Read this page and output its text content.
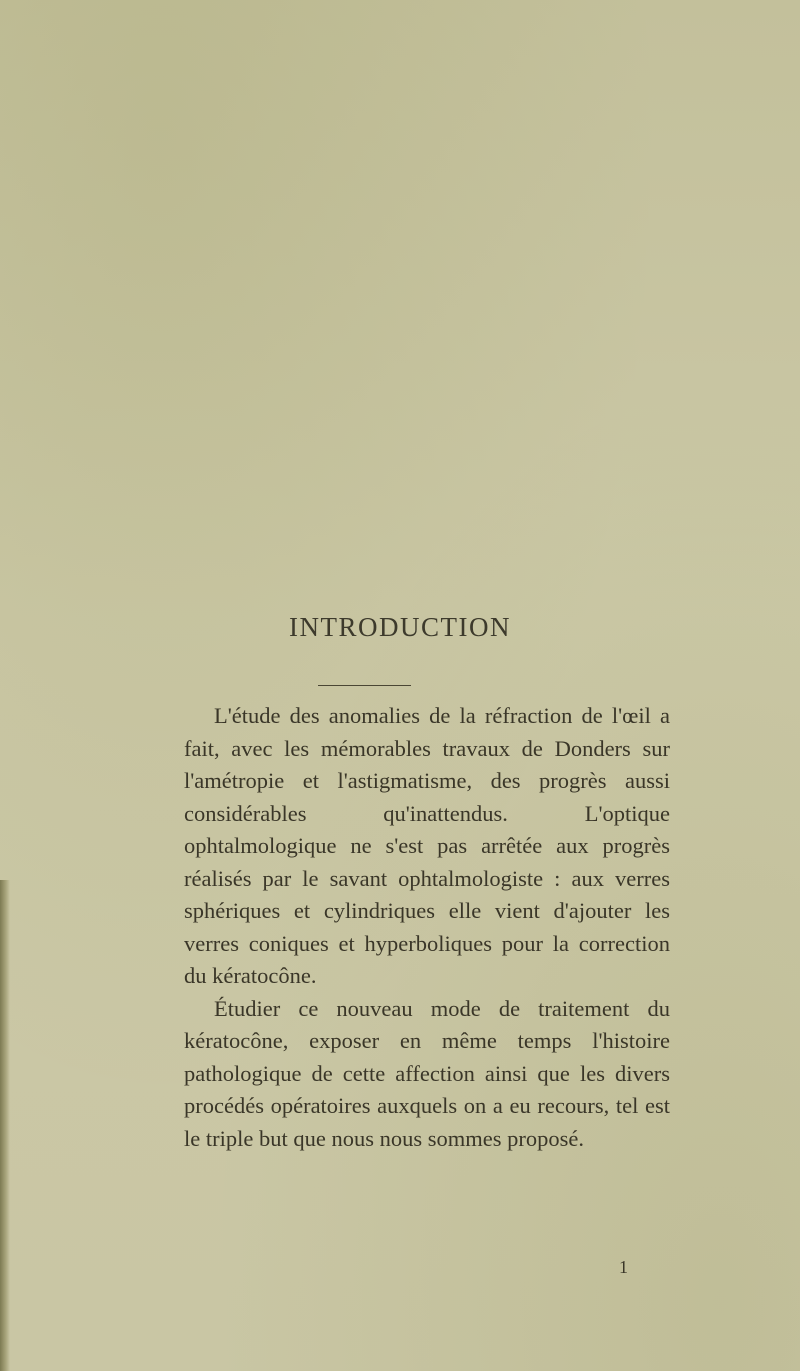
INTRODUCTION

L'étude des anomalies de la réfraction de l'œil a fait, avec les mémorables travaux de Donders sur l'amétropie et l'astigmatisme, des progrès aussi considérables qu'inattendus. L'optique ophtalmologique ne s'est pas arrêtée aux progrès réalisés par le savant ophtalmologiste : aux verres sphériques et cylindriques elle vient d'ajouter les verres coniques et hyperboliques pour la correction du kératocône.

Étudier ce nouveau mode de traitement du kératocône, exposer en même temps l'histoire pathologique de cette affection ainsi que les divers procédés opératoires auxquels on a eu recours, tel est le triple but que nous nous sommes proposé.

1
